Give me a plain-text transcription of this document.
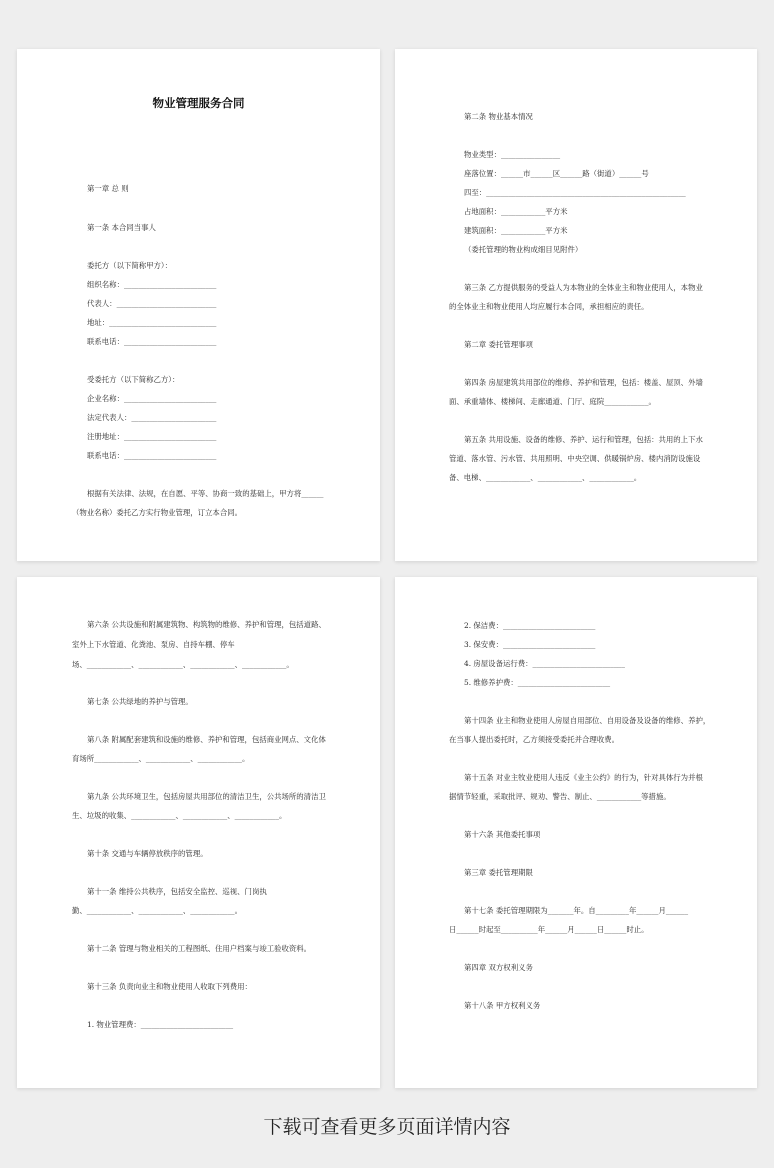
物业管理服务合同
第一章 总 则
第一条 本合同当事人
委托方（以下简称甲方）：
组织名称：_________________________
代表人：___________________________
地址：_____________________________
联系电话：_________________________
受委托方（以下简称乙方）：
企业名称：_________________________
法定代表人：_______________________
注册地址：_________________________
联系电话：_________________________
根据有关法律、法规，在自愿、平等、协商一致的基础上，甲方将______
（物业名称）委托乙方实行物业管理，订立本合同。
第二条 物业基本情况
物业类型：________________
座落位置：______市______区______路（街道）______号
四至：______________________________________________________
占地面积：____________平方米
建筑面积：____________平方米
（委托管理的物业构成细目见附件）
第三条 乙方提供服务的受益人为本物业的全体业主和物业使用人，本物业
的全体业主和物业使用人均应履行本合同，承担相应的责任。
第二章 委托管理事项
第四条 房屋建筑共用部位的维修、养护和管理，包括：楼盖、屋顶、外墙
面、承重墙体、楼梯间、走廊通道、门厅、庭院____________。
第五条 共用设施、设备的维修、养护、运行和管理，包括：共用的上下水
管道、落水管、污水管、共用照明、中央空调、供暖锅炉房、楼内消防设施设
备、电梯、____________、____________、____________。
第六条 公共设施和附属建筑物、构筑物的维修、养护和管理，包括道路、
室外上下水管道、化粪池、泵房、自持车棚、停车
场、____________、____________、____________、____________。
第七条 公共绿地的养护与管理。
第八条 附属配套建筑和设施的维修、养护和管理，包括商业网点、文化体
育场所____________、____________、____________。
第九条 公共环境卫生，包括房屋共用部位的清洁卫生，公共场所的清洁卫
生、垃圾的收集、____________、____________、____________。
第十条 交通与车辆停放秩序的管理。
第十一条 维持公共秩序，包括安全监控、巡视、门岗执
勤、____________、____________、____________。
第十二条 管理与物业相关的工程图纸、住用户档案与竣工验收资料。
第十三条 负责向业主和物业使用人收取下列费用：
1. 物业管理费：_________________________
2. 保洁费：_________________________
3. 保安费：_________________________
4. 房屋设备运行费：_________________________
5. 维修养护费：_________________________
第十四条 业主和物业使用人房屋自用部位、自用设备及设备的维修、养护，
在当事人提出委托时，乙方须接受委托并合理收费。
第十五条 对业主牧业使用人违反《业主公约》的行为，针对具体行为并根
据情节轻重，采取批评、规劝、警告、制止、____________等措施。
第十六条 其他委托事项
第三章 委托管理期限
第十七条 委托管理期限为_______年。自_________年______月______
日______时起至__________年______月______日______时止。
第四章 双方权利义务
第十八条 甲方权利义务
下载可查看更多页面详情内容
